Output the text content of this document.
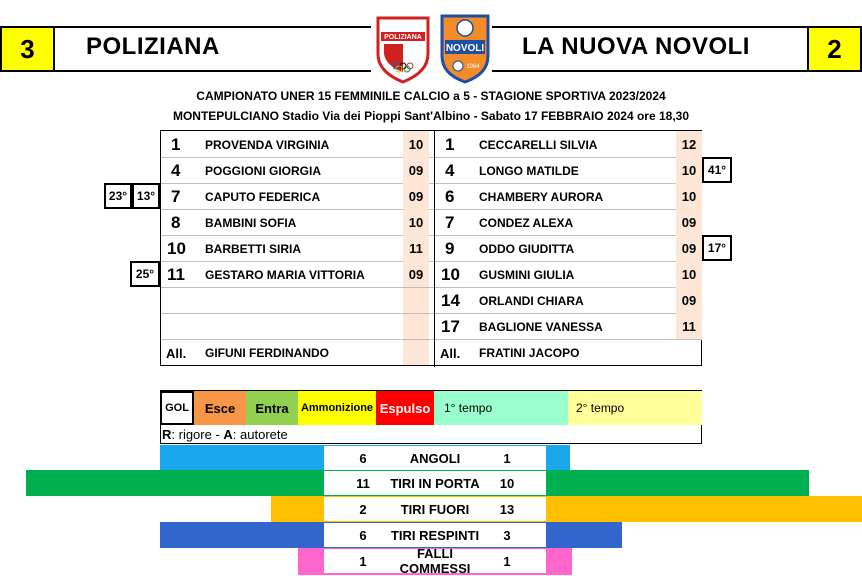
3	POLIZIANA	POLIZIANA
NOVOLI
1964
LA NUOVA NOVOLI	2
CAMPIONATO UNER 15 FEMMINILE CALCIO a 5 - STAGIONE SPORTIVA 2023/2024
MONTEPULCIANO Stadio Via dei Pioppi Sant'Albino - Sabato 17 FEBBRAIO 2024 ore 18,30
1 PROVENDA VIRGINIA	10
4 POGGIONI GIORGIA	09
7 CAPUTO FEDERICA	09
8 BAMBINI SOFIA	10
10 BARBETTI SIRIA	11
11 GESTARO MARIA VITTORIA	09
All. GIFUNI FERDINANDO
1 CECCARELLI SILVIA	12
4 LONGO MATILDE	10
6 CHAMBERY AURORA	10
7 CONDEZ ALEXA	09
9 ODDO GIUDITTA	09
10 GUSMINI GIULIA	10
14 ORLANDI CHIARA	09
17 BAGLIONE VANESSA	11
All. FRATINI JACOPO
23° 13°
25°
41°
17°
GOL	Esce	Entra	Ammonizione Espulso	1° tempo	2° tempo
R: rigore - A: autorete
6	ANGOLI	1
11	TIRI IN PORTA	10
2	TIRI FUORI	13
6	TIRI RESPINTI	3
1	FALLI COMMESSI	1
